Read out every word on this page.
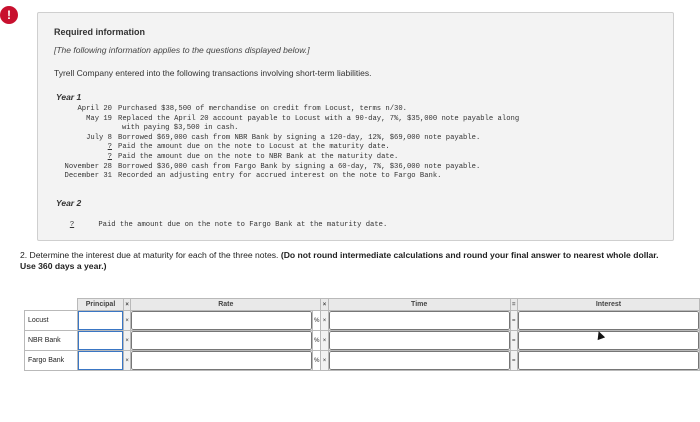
!
Required information
[The following information applies to the questions displayed below.]
Tyrell Company entered into the following transactions involving short-term liabilities.
Year 1
April 20 Purchased $38,500 of merchandise on credit from Locust, terms n/30.
May 19 Replaced the April 20 account payable to Locust with a 90-day, 7%, $35,000 note payable along
with paying $3,500 in cash.
July 8 Borrowed $69,000 cash from NBR Bank by signing a 120-day, 12%, $69,000 note payable.
? Paid the amount due on the note to Locust at the maturity date.
? Paid the amount due on the note to NBR Bank at the maturity date.
November 28 Borrowed $36,000 cash from Fargo Bank by signing a 60-day, 7%, $36,000 note payable.
December 31 Recorded an adjusting entry for accrued interest on the note to Fargo Bank.
Year 2
?	Paid the amount due on the note to Fargo Bank at the maturity date.
2. Determine the interest due at maturity for each of the three notes. (Do not round intermediate calculations and round your final answer to nearest whole dollar. Use 360 days a year.)
	Principal	×	Rate		×	Time	=	Interest
Locust		×		%	×		=	
NBR Bank		×		%	×		=	
Fargo Bank		×		%	×		=	
